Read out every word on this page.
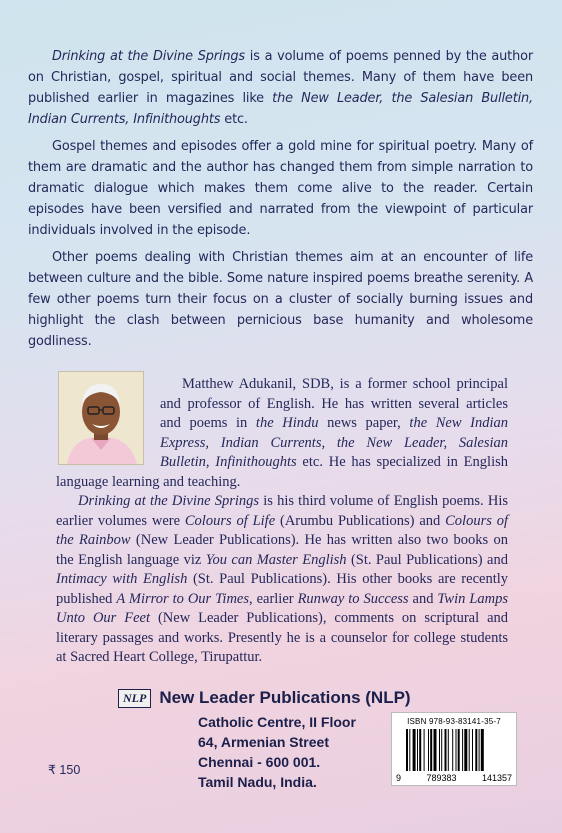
Drinking at the Divine Springs is a volume of poems penned by the author on Christian, gospel, spiritual and social themes. Many of them have been published earlier in magazines like the New Leader, the Salesian Bulletin, Indian Currents, Infinithoughts etc.

Gospel themes and episodes offer a gold mine for spiritual poetry. Many of them are dramatic and the author has changed them from simple narration to dramatic dialogue which makes them come alive to the reader. Certain episodes have been versified and narrated from the viewpoint of particular individuals involved in the episode.

Other poems dealing with Christian themes aim at an encounter of life between culture and the bible. Some nature inspired poems breathe serenity. A few other poems turn their focus on a cluster of socially burning issues and highlight the clash between pernicious base humanity and wholesome godliness.

Matthew Adukanil, SDB, is a former school principal and professor of English. He has written several articles and poems in the Hindu news paper, the New Indian Express, Indian Currents, the New Leader, Salesian Bulletin, Infinithoughts etc. He has specialized in English language learning and teaching.

Drinking at the Divine Springs is his third volume of English poems. His earlier volumes were Colours of Life (Arumbu Publications) and Colours of the Rainbow (New Leader Publications). He has written also two books on the English language viz You can Master English (St. Paul Publications) and Intimacy with English (St. Paul Publications). His other books are recently published A Mirror to Our Times, earlier Runway to Success and Twin Lamps Unto Our Feet (New Leader Publications), comments on scriptural and literary passages and works. Presently he is a counselor for college students at Sacred Heart College, Tirupattur.

NLP New Leader Publications (NLP)
Catholic Centre, II Floor
64, Armenian Street
Chennai - 600 001.
Tamil Nadu, India.
₹ 150
ISBN 978-93-83141-35-7
9	789383	141357
